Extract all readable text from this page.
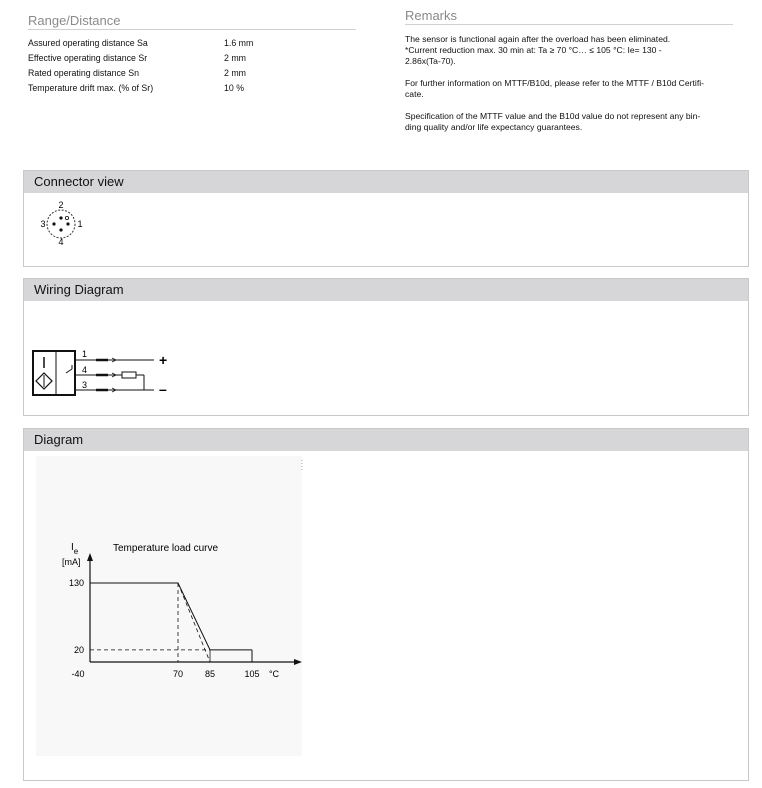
Range/Distance
Assured operating distance Sa	1.6 mm
Effective operating distance Sr	2 mm
Rated operating distance Sn	2 mm
Temperature drift max. (% of Sr)	10 %
Remarks

The sensor is functional again after the overload has been eliminated.
*Current reduction max. 30 min at: Ta ≥ 70 °C… ≤ 105 °C: Ie= 130 -
2.86x(Ta-70).

For further information on MTTF/B10d, please refer to the MTTF / B10d Certifi-
cate.

Specification of the MTTF value and the B10d value do not represent any bin-
ding quality and/or life expectancy guarantees.

Connector view
2
3	1
4
Wiring Diagram
1
4
3
+
–
Diagram
$I_e$
[mA]
Temperature load curve
130
20
-40	70 85	105 °C
